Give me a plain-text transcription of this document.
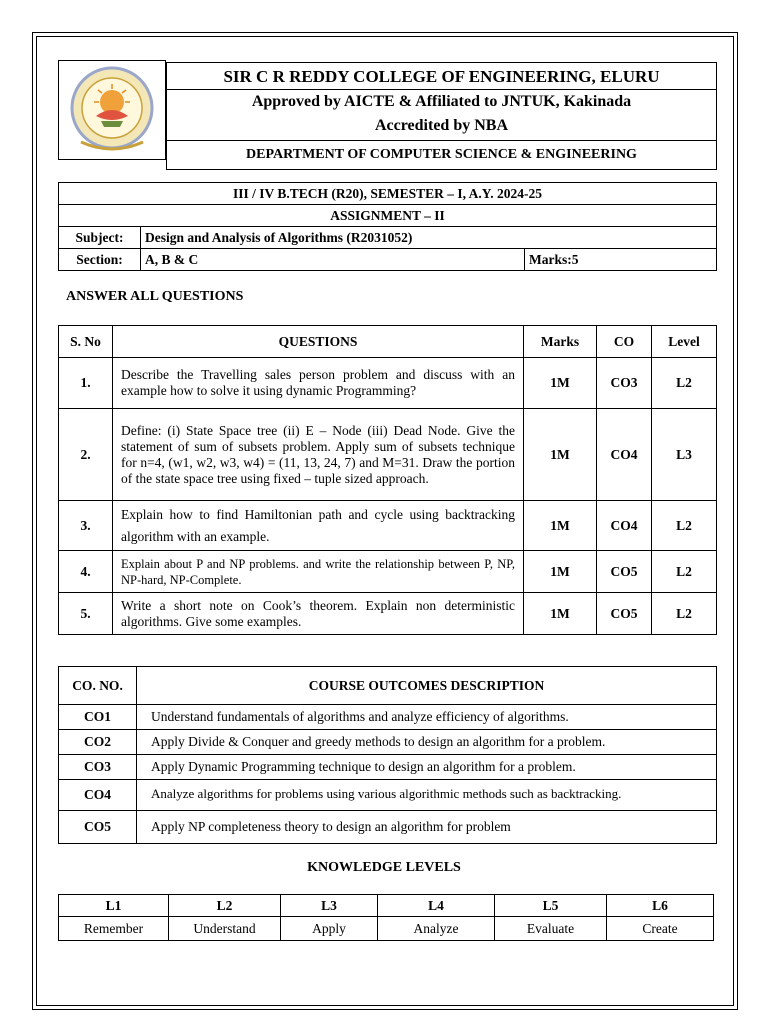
SIR C R REDDY COLLEGE OF ENGINEERING, ELURU
Approved by AICTE & Affiliated to JNTUK, Kakinada
Accredited by NBA
DEPARTMENT OF COMPUTER SCIENCE & ENGINEERING
III / IV B.TECH (R20), SEMESTER – I, A.Y. 2024-25		
ASSIGNMENT – II		
Subject:	Design and Analysis of Algorithms (R2031052)	
Section:	A, B & C	Marks:5
ANSWER ALL QUESTIONS
S. No	QUESTIONS	Marks	CO	Level
1.	Describe the Travelling sales person problem and discuss with an example how to solve it using dynamic Programming?	1M	CO3	L2
2.	Define: (i) State Space tree (ii) E – Node (iii) Dead Node. Give the statement of sum of subsets problem. Apply sum of subsets technique for n=4, (w1, w2, w3, w4) = (11, 13, 24, 7) and M=31. Draw the portion of the state space tree using fixed – tuple sized approach.	1M	CO4	L3
3.	Explain how to find Hamiltonian path and cycle using backtracking algorithm with an example.	1M	CO4	L2
4.	Explain about P and NP problems. and write the relationship between P, NP, NP-hard, NP-Complete.	1M	CO5	L2
5.	Write a short note on Cook’s theorem. Explain non deterministic algorithms. Give some examples.	1M	CO5	L2
CO. NO.	COURSE OUTCOMES DESCRIPTION
CO1	Understand fundamentals of algorithms and analyze efficiency of algorithms.
CO2	Apply Divide & Conquer and greedy methods to design an algorithm for a problem.
CO3	Apply Dynamic Programming technique to design an algorithm for a problem.
CO4	Analyze algorithms for problems using various algorithmic methods such as backtracking.
CO5	Apply NP completeness theory to design an algorithm for problem
KNOWLEDGE LEVELS
L1	L2	L3	L4	L5	L6
Remember	Understand	Apply	Analyze	Evaluate	Create
